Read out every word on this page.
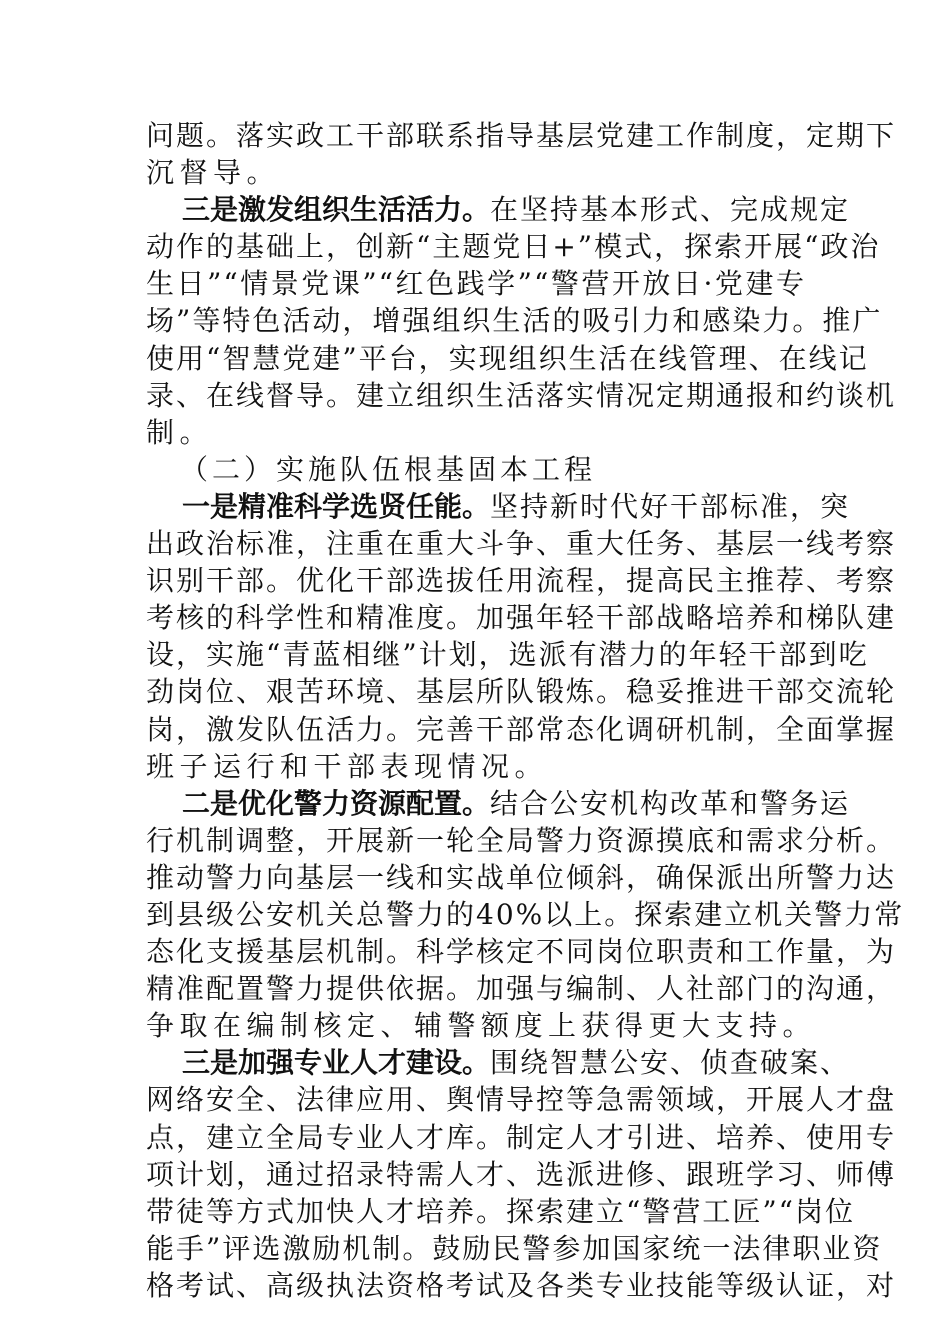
问题。落实政工干部联系指导基层党建工作制度，定期下
沉督导。
三是激发组织生活活力。在坚持基本形式、完成规定
动作的基础上，创新“主题党日+”模式，探索开展“政治
生日”“情景党课”“红色践学”“警营开放日·党建专
场”等特色活动，增强组织生活的吸引力和感染力。推广
使用“智慧党建”平台，实现组织生活在线管理、在线记
录、在线督导。建立组织生活落实情况定期通报和约谈机
制。
（二）实施队伍根基固本工程
一是精准科学选贤任能。坚持新时代好干部标准，突
出政治标准，注重在重大斗争、重大任务、基层一线考察
识别干部。优化干部选拔任用流程，提高民主推荐、考察
考核的科学性和精准度。加强年轻干部战略培养和梯队建
设，实施“青蓝相继”计划，选派有潜力的年轻干部到吃
劲岗位、艰苦环境、基层所队锻炼。稳妥推进干部交流轮
岗，激发队伍活力。完善干部常态化调研机制，全面掌握
班子运行和干部表现情况。
二是优化警力资源配置。结合公安机构改革和警务运
行机制调整，开展新一轮全局警力资源摸底和需求分析。
推动警力向基层一线和实战单位倾斜，确保派出所警力达
到县级公安机关总警力的40%以上。探索建立机关警力常
态化支援基层机制。科学核定不同岗位职责和工作量，为
精准配置警力提供依据。加强与编制、人社部门的沟通，
争取在编制核定、辅警额度上获得更大支持。
三是加强专业人才建设。围绕智慧公安、侦查破案、
网络安全、法律应用、舆情导控等急需领域，开展人才盘
点，建立全局专业人才库。制定人才引进、培养、使用专
项计划，通过招录特需人才、选派进修、跟班学习、师傅
带徒等方式加快人才培养。探索建立“警营工匠”“岗位
能手”评选激励机制。鼓励民警参加国家统一法律职业资
格考试、高级执法资格考试及各类专业技能等级认证，对
